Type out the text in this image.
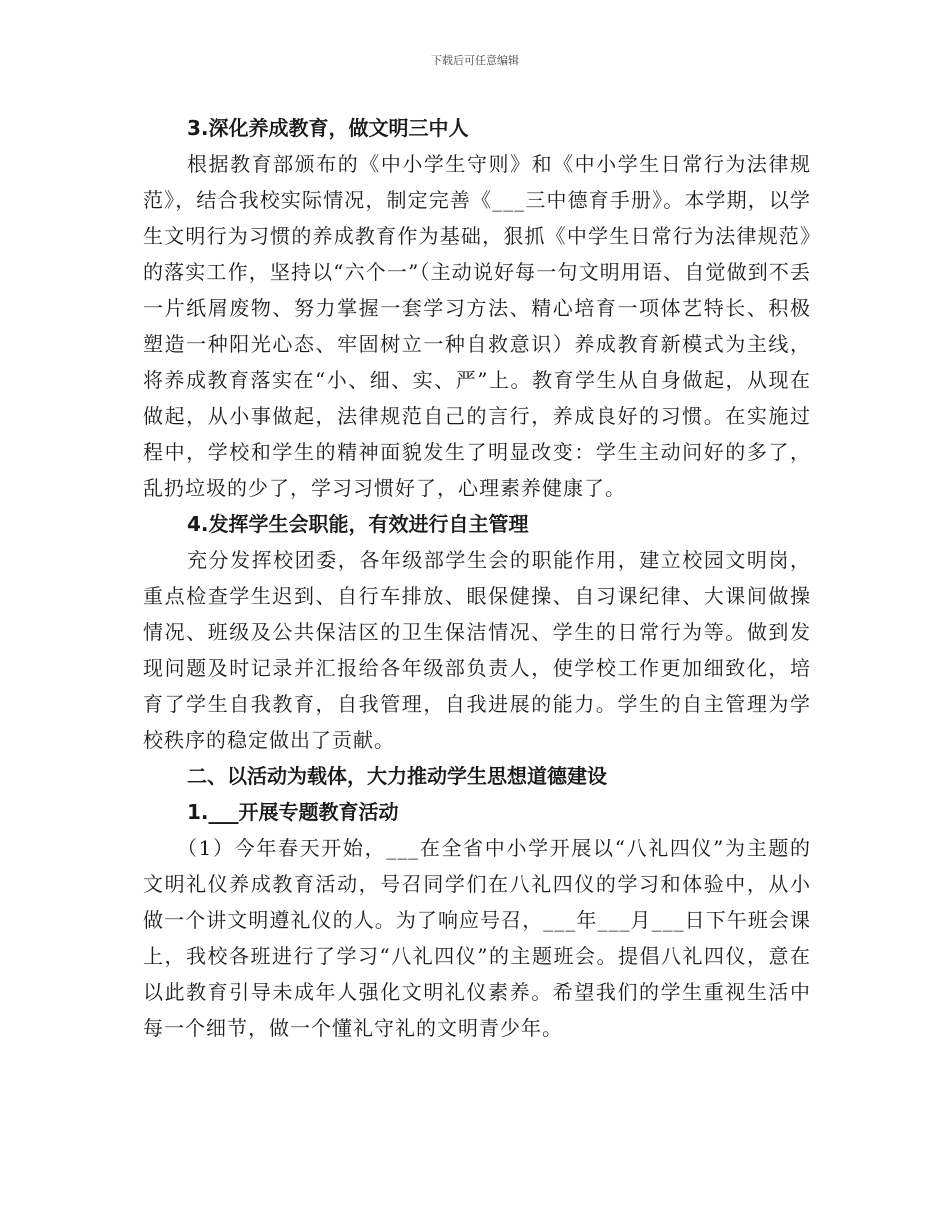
下载后可任意编辑

3.深化养成教育，做文明三中人

根据教育部颁布的《中小学生守则》和《中小学生日常行为法律规范》，结合我校实际情况，制定完善《___三中德育手册》。本学期，以学生文明行为习惯的养成教育作为基础，狠抓《中学生日常行为法律规范》的落实工作，坚持以“六个一”（主动说好每一句文明用语、自觉做到不丢一片纸屑废物、努力掌握一套学习方法、精心培育一项体艺特长、积极塑造一种阳光心态、牢固树立一种自救意识）养成教育新模式为主线，将养成教育落实在“小、细、实、严”上。教育学生从自身做起，从现在做起，从小事做起，法律规范自己的言行，养成良好的习惯。在实施过程中，学校和学生的精神面貌发生了明显改变：学生主动问好的多了，乱扔垃圾的少了，学习习惯好了，心理素养健康了。

4.发挥学生会职能，有效进行自主管理

充分发挥校团委，各年级部学生会的职能作用，建立校园文明岗，重点检查学生迟到、自行车排放、眼保健操、自习课纪律、大课间做操情况、班级及公共保洁区的卫生保洁情况、学生的日常行为等。做到发现问题及时记录并汇报给各年级部负责人，使学校工作更加细致化，培育了学生自我教育，自我管理，自我进展的能力。学生的自主管理为学校秩序的稳定做出了贡献。

二、以活动为载体，大力推动学生思想道德建设

1.___开展专题教育活动

（1）今年春天开始，___在全省中小学开展以“八礼四仪”为主题的文明礼仪养成教育活动，号召同学们在八礼四仪的学习和体验中，从小做一个讲文明遵礼仪的人。为了响应号召，___年___月___日下午班会课上，我校各班进行了学习“八礼四仪”的主题班会。提倡八礼四仪，意在以此教育引导未成年人强化文明礼仪素养。希望我们的学生重视生活中每一个细节，做一个懂礼守礼的文明青少年。
